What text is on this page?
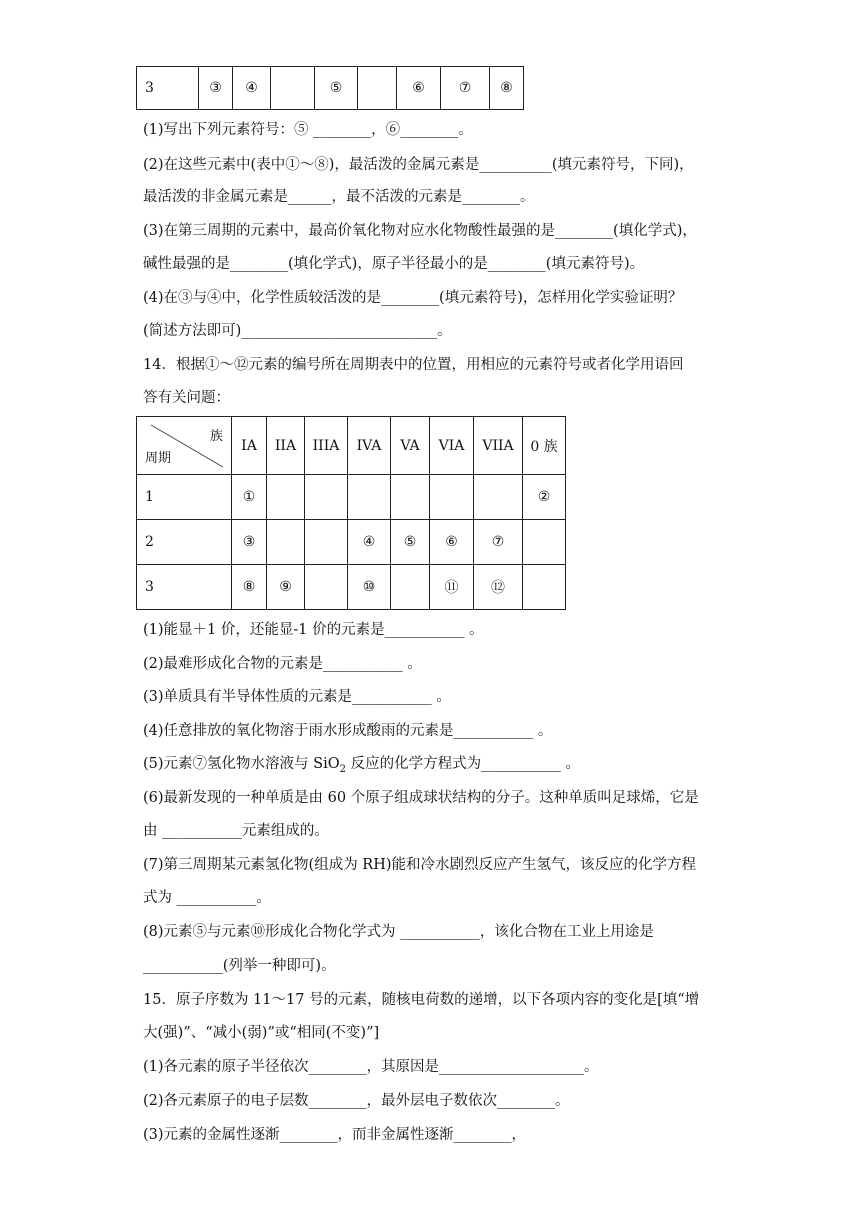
3	③	④		⑤		⑥	⑦	⑧
(1)写出下列元素符号：⑤ ________，⑥________。
(2)在这些元素中(表中①～⑧)，最活泼的金属元素是__________(填元素符号，下同)，
最活泼的非金属元素是______，最不活泼的元素是________。
(3)在第三周期的元素中，最高价氧化物对应水化物酸性最强的是________(填化学式)，
碱性最强的是________(填化学式)，原子半径最小的是________(填元素符号)。
(4)在③与④中，化学性质较活泼的是________(填元素符号)，怎样用化学实验证明？
(简述方法即可)___________________________。
14．根据①～⑫元素的编号所在周期表中的位置，用相应的元素符号或者化学用语回
答有关问题：
族
周期	IA	IIA	IIIA	IVA	VA	VIA	VIIA	0 族
1	①							②
2	③			④	⑤	⑥	⑦	
3	⑧	⑨		⑩		⑪	⑫	
(1)能显＋1 价，还能显-1 价的元素是___________ 。
(2)最难形成化合物的元素是___________ 。
(3)单质具有半导体性质的元素是___________ 。
(4)任意排放的氧化物溶于雨水形成酸雨的元素是___________ 。
(5)元素⑦氢化物水溶液与 SiO$_2$ 反应的化学方程式为___________ 。
(6)最新发现的一种单质是由 60 个原子组成球状结构的分子。这种单质叫足球烯，它是
由 ___________元素组成的。
(7)第三周期某元素氢化物(组成为 RH)能和冷水剧烈反应产生氢气，该反应的化学方程
式为 ___________。
(8)元素⑤与元素⑩形成化合物化学式为 ___________，该化合物在工业上用途是
___________(列举一种即可)。
15．原子序数为 11～17 号的元素，随核电荷数的递增，以下各项内容的变化是[填“增
大(强)”、“减小(弱)”或“相同(不变)”]
(1)各元素的原子半径依次________，其原因是____________________。
(2)各元素原子的电子层数________，最外层电子数依次________。
(3)元素的金属性逐渐________，而非金属性逐渐________，
